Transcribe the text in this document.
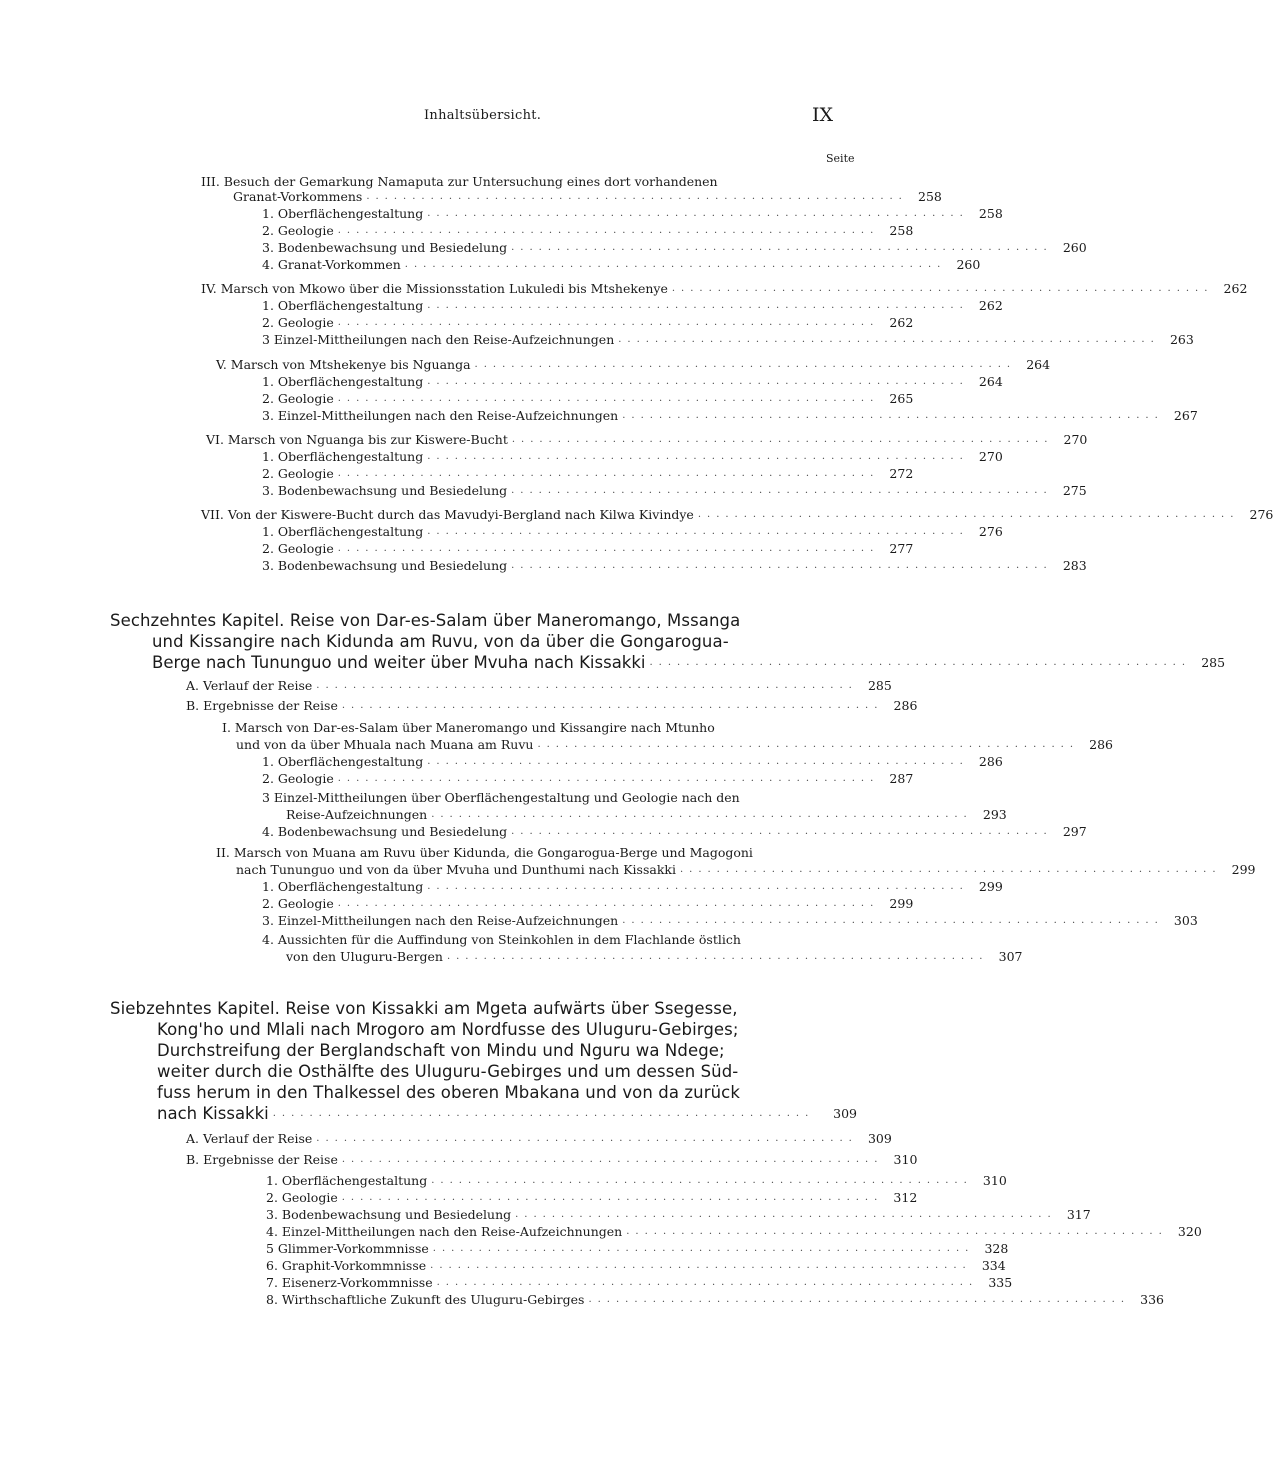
Inhaltsübersicht.	IX
Seite
III. Besuch der Gemarkung Namaputa zur Untersuchung eines dort vorhandenen
Granat-Vorkommens ........................................................... 258
1. Oberflächengestaltung ........................................................... 258
2. Geologie ........................................................... 258
3. Bodenbewachsung und Besiedelung ........................................................... 260
4. Granat-Vorkommen ........................................................... 260
IV. Marsch von Mkowo über die Missionsstation Lukuledi bis Mtshekenye ........................................................... 262
1. Oberflächengestaltung ........................................................... 262
2. Geologie ........................................................... 262
3 Einzel-Mittheilungen nach den Reise-Aufzeichnungen ........................................................... 263
V. Marsch von Mtshekenye bis Nguanga ........................................................... 264
1. Oberflächengestaltung ........................................................... 264
2. Geologie ........................................................... 265
3. Einzel-Mittheilungen nach den Reise-Aufzeichnungen ........................................................... 267
VI. Marsch von Nguanga bis zur Kiswere-Bucht ........................................................... 270
1. Oberflächengestaltung ........................................................... 270
2. Geologie ........................................................... 272
3. Bodenbewachsung und Besiedelung ........................................................... 275
VII. Von der Kiswere-Bucht durch das Mavudyi-Bergland nach Kilwa Kivindye ........................................................... 276
1. Oberflächengestaltung ........................................................... 276
2. Geologie ........................................................... 277
3. Bodenbewachsung und Besiedelung ........................................................... 283
Sechzehntes Kapitel. Reise von Dar-es-Salam über Maneromango, Mssanga
und Kissangire nach Kidunda am Ruvu, von da über die Gongarogua-
Berge nach Tununguo und weiter über Mvuha nach Kissakki ........................................................... 285
A. Verlauf der Reise ........................................................... 285
B. Ergebnisse der Reise ........................................................... 286
I. Marsch von Dar-es-Salam über Maneromango und Kissangire nach Mtunho
und von da über Mhuala nach Muana am Ruvu ........................................................... 286
1. Oberflächengestaltung ........................................................... 286
2. Geologie ........................................................... 287
3 Einzel-Mittheilungen über Oberflächengestaltung und Geologie nach den
Reise-Aufzeichnungen ........................................................... 293
4. Bodenbewachsung und Besiedelung ........................................................... 297
II. Marsch von Muana am Ruvu über Kidunda, die Gongarogua-Berge und Magogoni
nach Tununguo und von da über Mvuha und Dunthumi nach Kissakki ........................................................... 299
1. Oberflächengestaltung ........................................................... 299
2. Geologie ........................................................... 299
3. Einzel-Mittheilungen nach den Reise-Aufzeichnungen ........................................................... 303
4. Aussichten für die Auffindung von Steinkohlen in dem Flachlande östlich
von den Uluguru-Bergen ........................................................... 307
Siebzehntes Kapitel. Reise von Kissakki am Mgeta aufwärts über Ssegesse,
Kong'ho und Mlali nach Mrogoro am Nordfusse des Uluguru-Gebirges;
Durchstreifung der Berglandschaft von Mindu und Nguru wa Ndege;
weiter durch die Osthälfte des Uluguru-Gebirges und um dessen Süd-
fuss herum in den Thalkessel des oberen Mbakana und von da zurück
nach Kissakki ...........................................................	309
A. Verlauf der Reise ........................................................... 309
B. Ergebnisse der Reise ........................................................... 310
1. Oberflächengestaltung ........................................................... 310
2. Geologie ........................................................... 312
3. Bodenbewachsung und Besiedelung ........................................................... 317
4. Einzel-Mittheilungen nach den Reise-Aufzeichnungen ........................................................... 320
5 Glimmer-Vorkommnisse ........................................................... 328
6. Graphit-Vorkommnisse ........................................................... 334
7. Eisenerz-Vorkommnisse ........................................................... 335
8. Wirthschaftliche Zukunft des Uluguru-Gebirges ........................................................... 336
